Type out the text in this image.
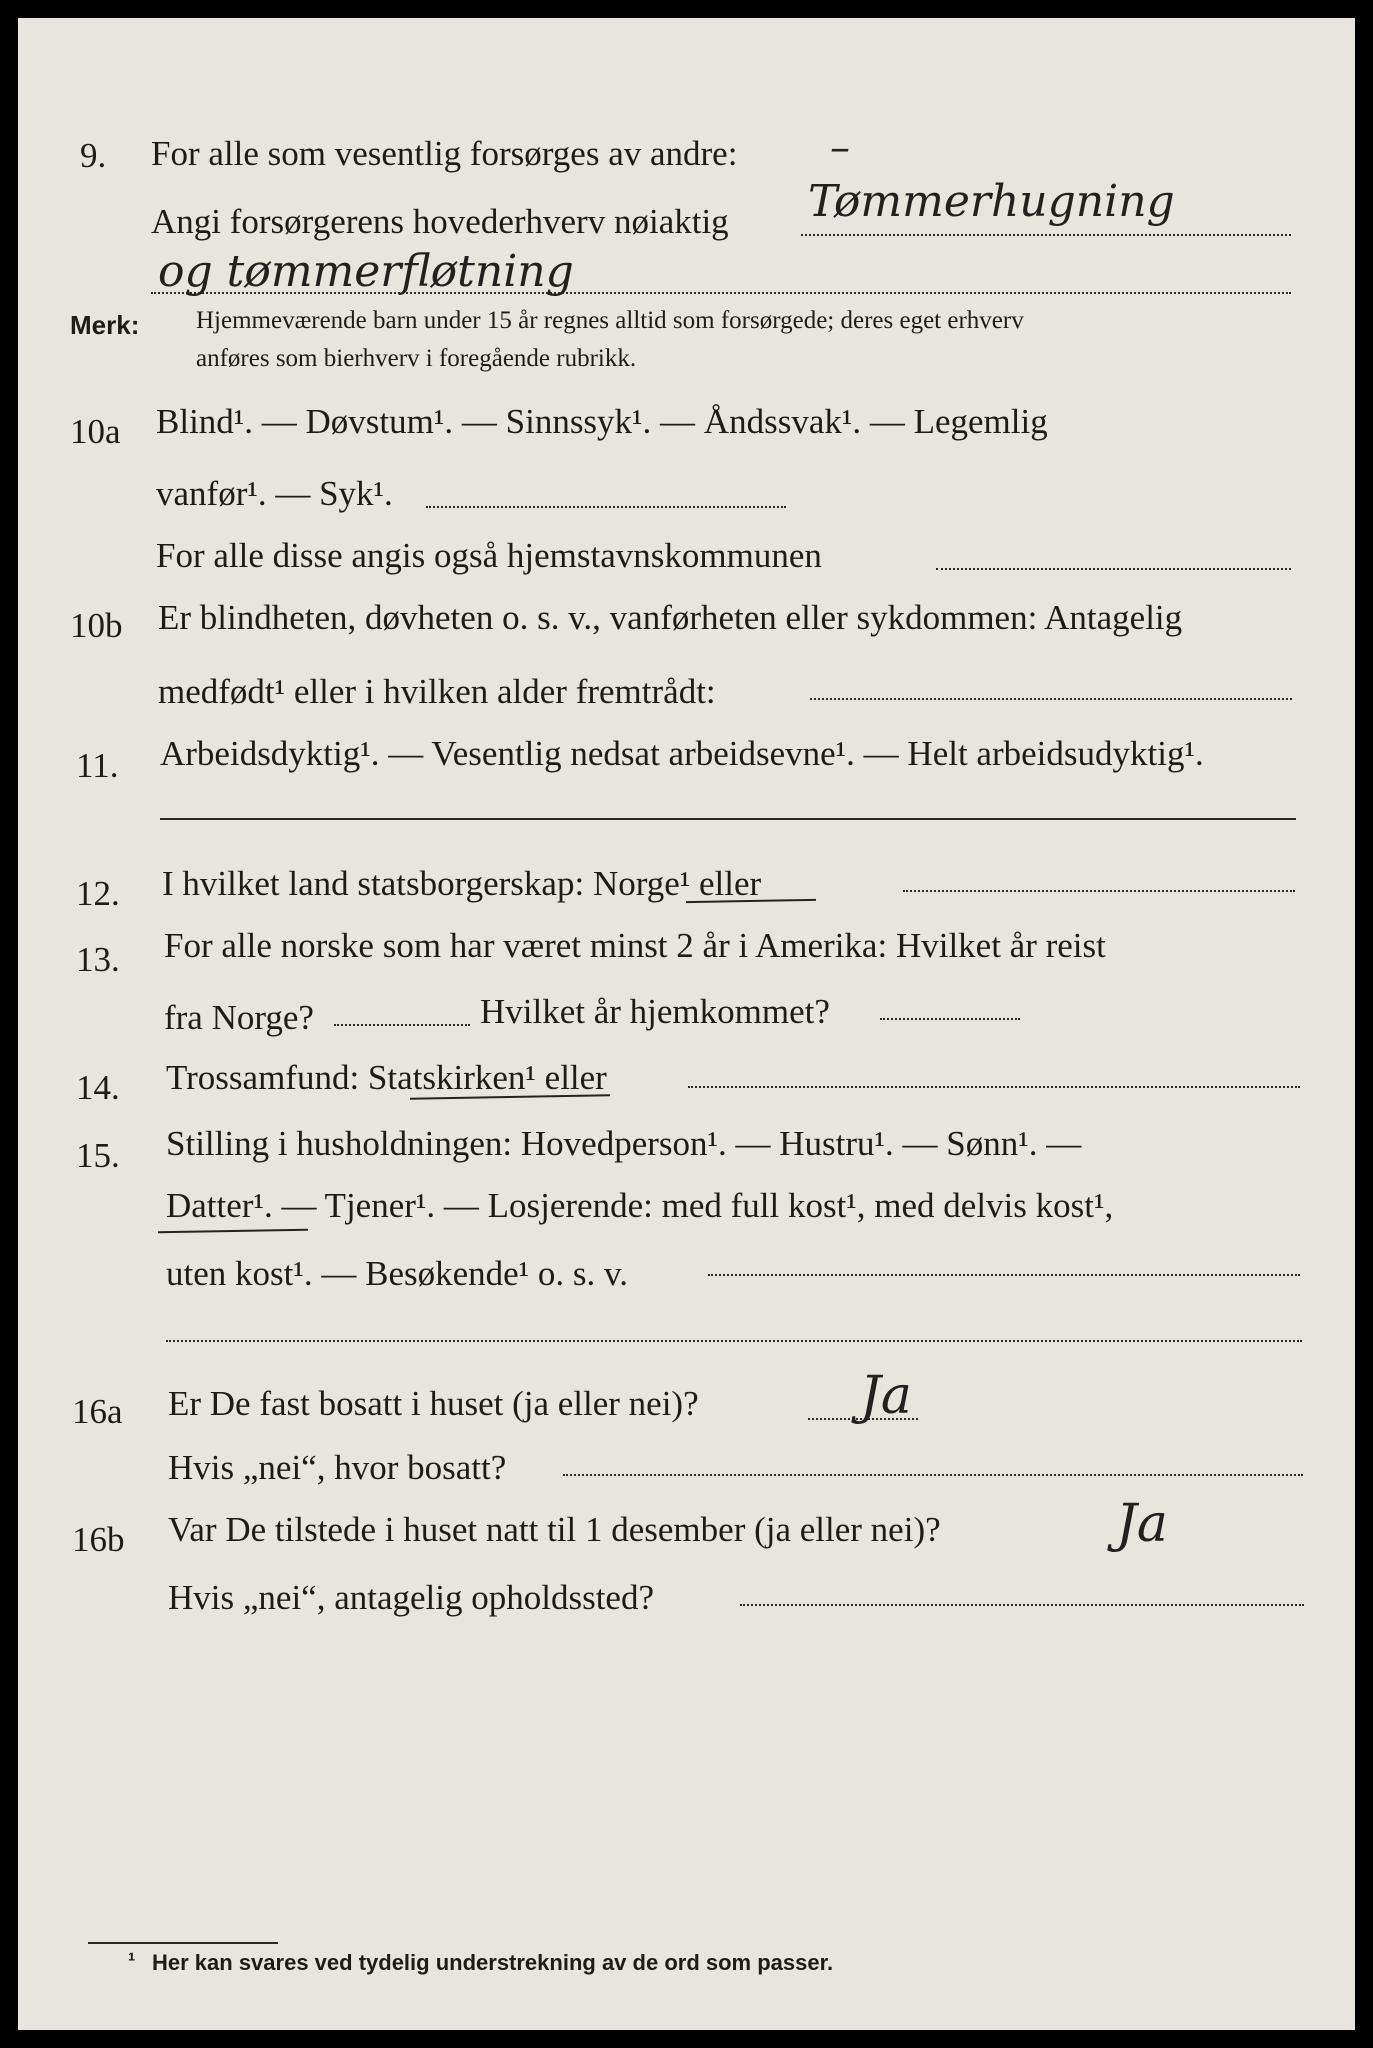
9. For alle som vesentlig forsørges av andre: –
Angi forsørgerens hovederhverv nøiaktig Tømmerhugning
og tømmerfløtning
Merk: Hjemmeværende barn under 15 år regnes alltid som forsørgede; deres eget erhverv
anføres som bierhverv i foregående rubrikk.
10a Blind¹. — Døvstum¹. — Sinnssyk¹. — Åndssvak¹. — Legemlig
vanfør¹. — Syk¹.
For alle disse angis også hjemstavnskommunen
10b Er blindheten, døvheten o. s. v., vanførheten eller sykdommen: Antagelig
medfødt¹ eller i hvilken alder fremtrådt:
11. Arbeidsdyktig¹. — Vesentlig nedsat arbeidsevne¹. — Helt arbeidsudyktig¹.
12. I hvilket land statsborgerskap: Norge¹ eller
13. For alle norske som har været minst 2 år i Amerika: Hvilket år reist
fra Norge?	Hvilket år hjemkommet?
14. Trossamfund: Statskirken¹ eller
15. Stilling i husholdningen: Hovedperson¹. — Hustru¹. — Sønn¹. —
Datter¹. — Tjener¹. — Losjerende: med full kost¹, med delvis kost¹,
uten kost¹. — Besøkende¹ o. s. v.
16a Er De fast bosatt i huset (ja eller nei)?	Ja
Hvis „nei“, hvor bosatt?
16b Var De tilstede i huset natt til 1 desember (ja eller nei)?	Ja
Hvis „nei“, antagelig opholdssted?
¹ Her kan svares ved tydelig understrekning av de ord som passer.
